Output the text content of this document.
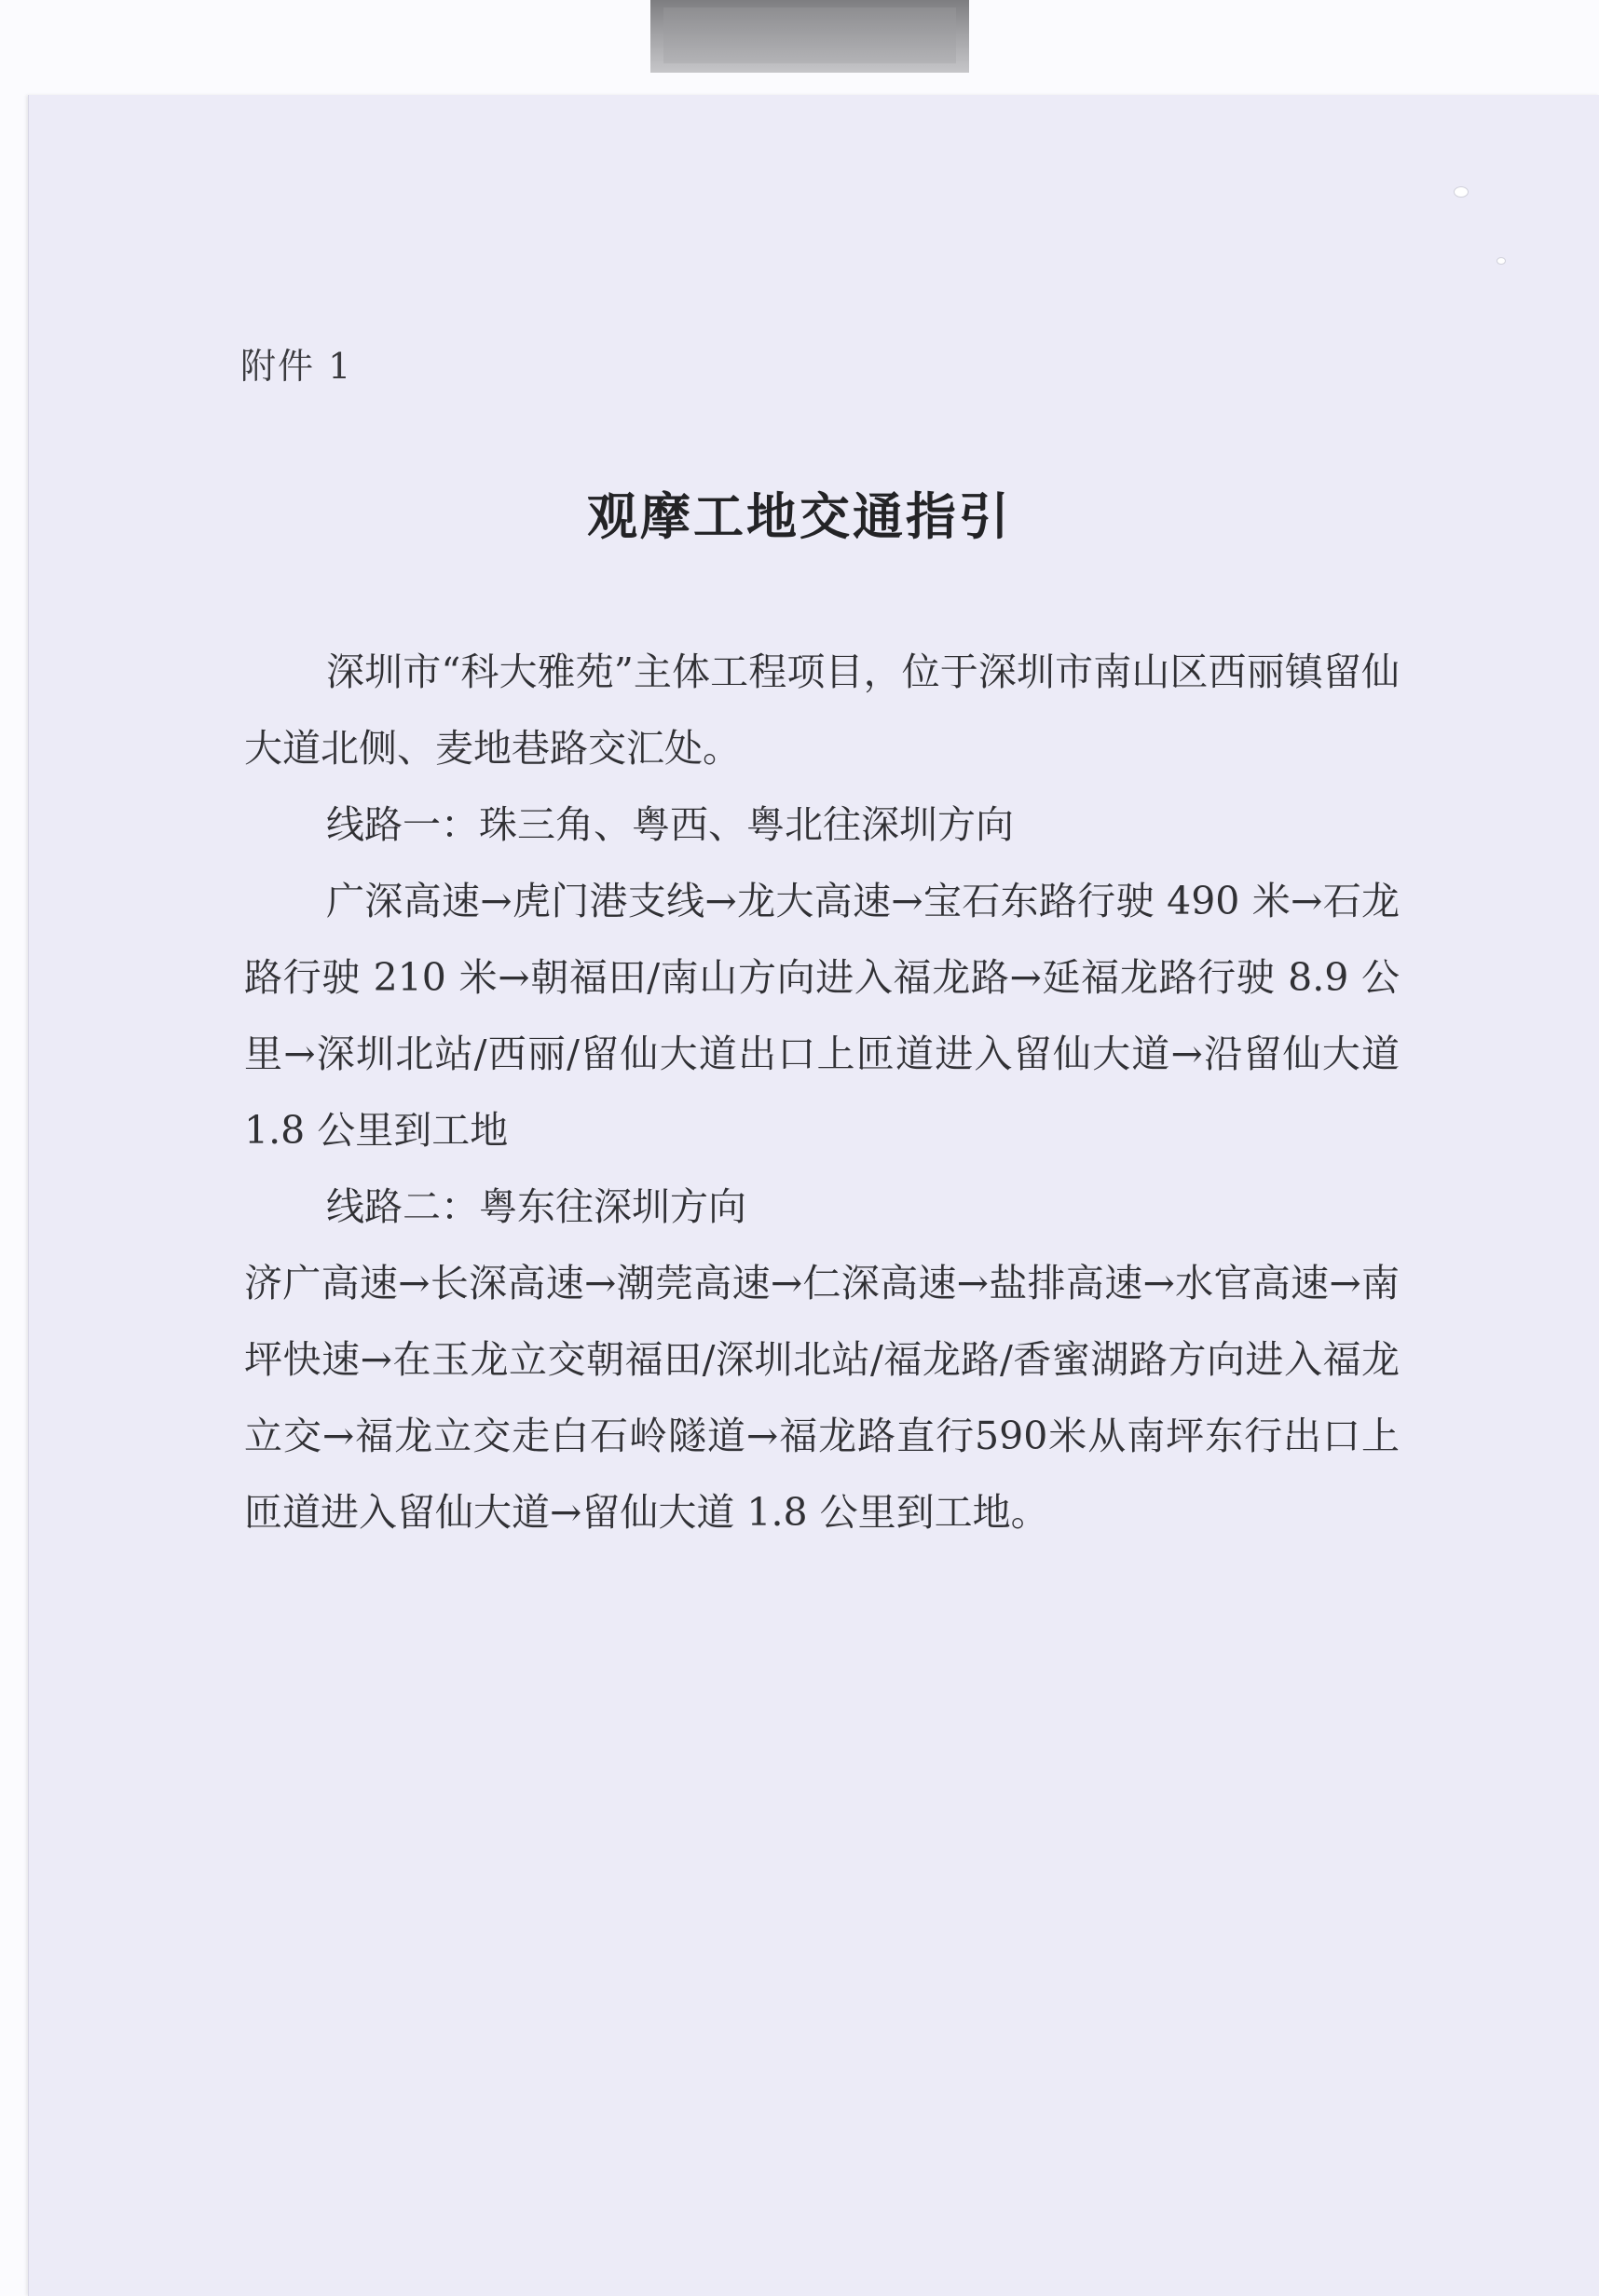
附件 1
观摩工地交通指引

深圳市“科大雅苑”主体工程项目，位于深圳市南山区西丽镇留仙大道北侧、麦地巷路交汇处。

线路一：珠三角、粤西、粤北往深圳方向

广深高速→虎门港支线→龙大高速→宝石东路行驶 490 米→石龙路行驶 210 米→朝福田/南山方向进入福龙路→延福龙路行驶 8.9 公里→深圳北站/西丽/留仙大道出口上匝道进入留仙大道→沿留仙大道 1.8 公里到工地

线路二：粤东往深圳方向

济广高速→长深高速→潮莞高速→仁深高速→盐排高速→水官高速→南坪快速→在玉龙立交朝福田/深圳北站/福龙路/香蜜湖路方向进入福龙立交→福龙立交走白石岭隧道→福龙路直行590米从南坪东行出口上匝道进入留仙大道→留仙大道 1.8 公里到工地。
